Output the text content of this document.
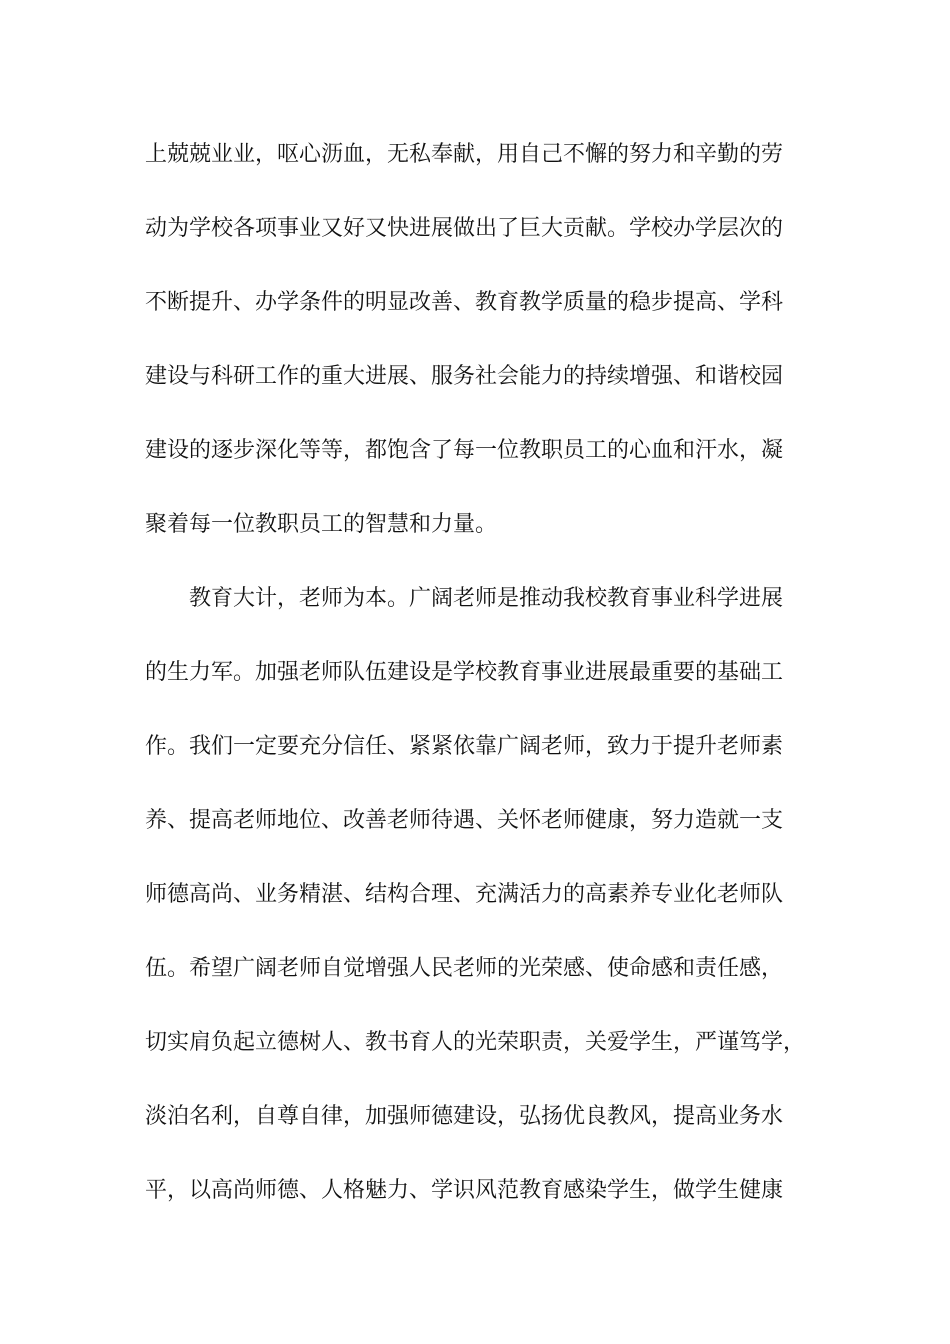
上兢兢业业，呕心沥血，无私奉献，用自己不懈的努力和辛勤的劳
动为学校各项事业又好又快进展做出了巨大贡献。学校办学层次的
不断提升、办学条件的明显改善、教育教学质量的稳步提高、学科
建设与科研工作的重大进展、服务社会能力的持续增强、和谐校园
建设的逐步深化等等，都饱含了每一位教职员工的心血和汗水，凝
聚着每一位教职员工的智慧和力量。
　　教育大计，老师为本。广阔老师是推动我校教育事业科学进展
的生力军。加强老师队伍建设是学校教育事业进展最重要的基础工
作。我们一定要充分信任、紧紧依靠广阔老师，致力于提升老师素
养、提高老师地位、改善老师待遇、关怀老师健康，努力造就一支
师德高尚、业务精湛、结构合理、充满活力的高素养专业化老师队
伍。希望广阔老师自觉增强人民老师的光荣感、使命感和责任感，
切实肩负起立德树人、教书育人的光荣职责，关爱学生，严谨笃学，
淡泊名利，自尊自律，加强师德建设，弘扬优良教风，提高业务水
平，以高尚师德、人格魅力、学识风范教育感染学生，做学生健康
